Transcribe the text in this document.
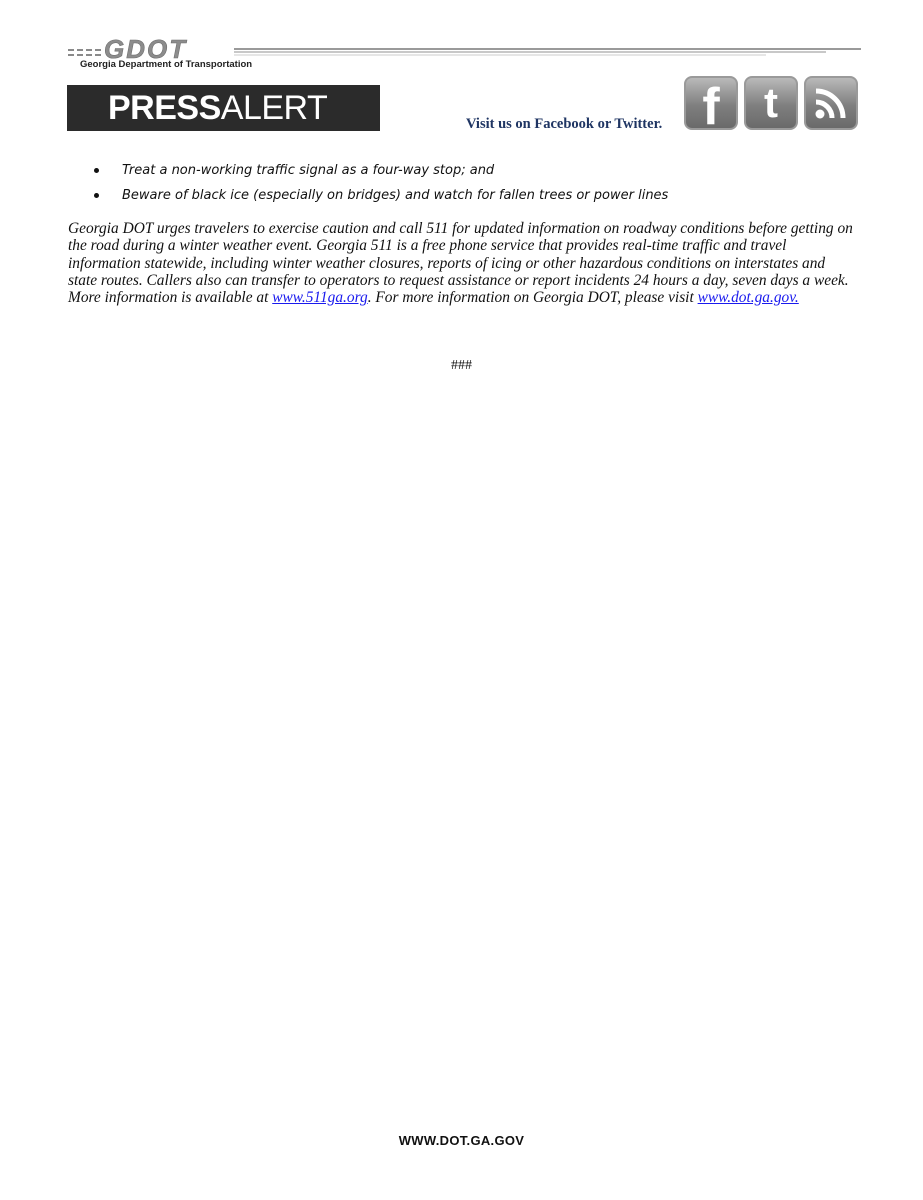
GDOT
Georgia Department of Transportation
PRESSALERT	Visit us on Facebook or Twitter. f t
Treat a non-working traffic signal as a four-way stop; and
Beware of black ice (especially on bridges) and watch for fallen trees or power lines

Georgia DOT urges travelers to exercise caution and call 511 for updated information on roadway conditions before getting on the road during a winter weather event. Georgia 511 is a free phone service that provides real-time traffic and travel information statewide, including winter weather closures, reports of icing or other hazardous conditions on interstates and state routes. Callers also can transfer to operators to request assistance or report incidents 24 hours a day, seven days a week. More information is available at www.511ga.org. For more information on Georgia DOT, please visit www.dot.ga.gov.

###
WWW.DOT.GA.GOV
